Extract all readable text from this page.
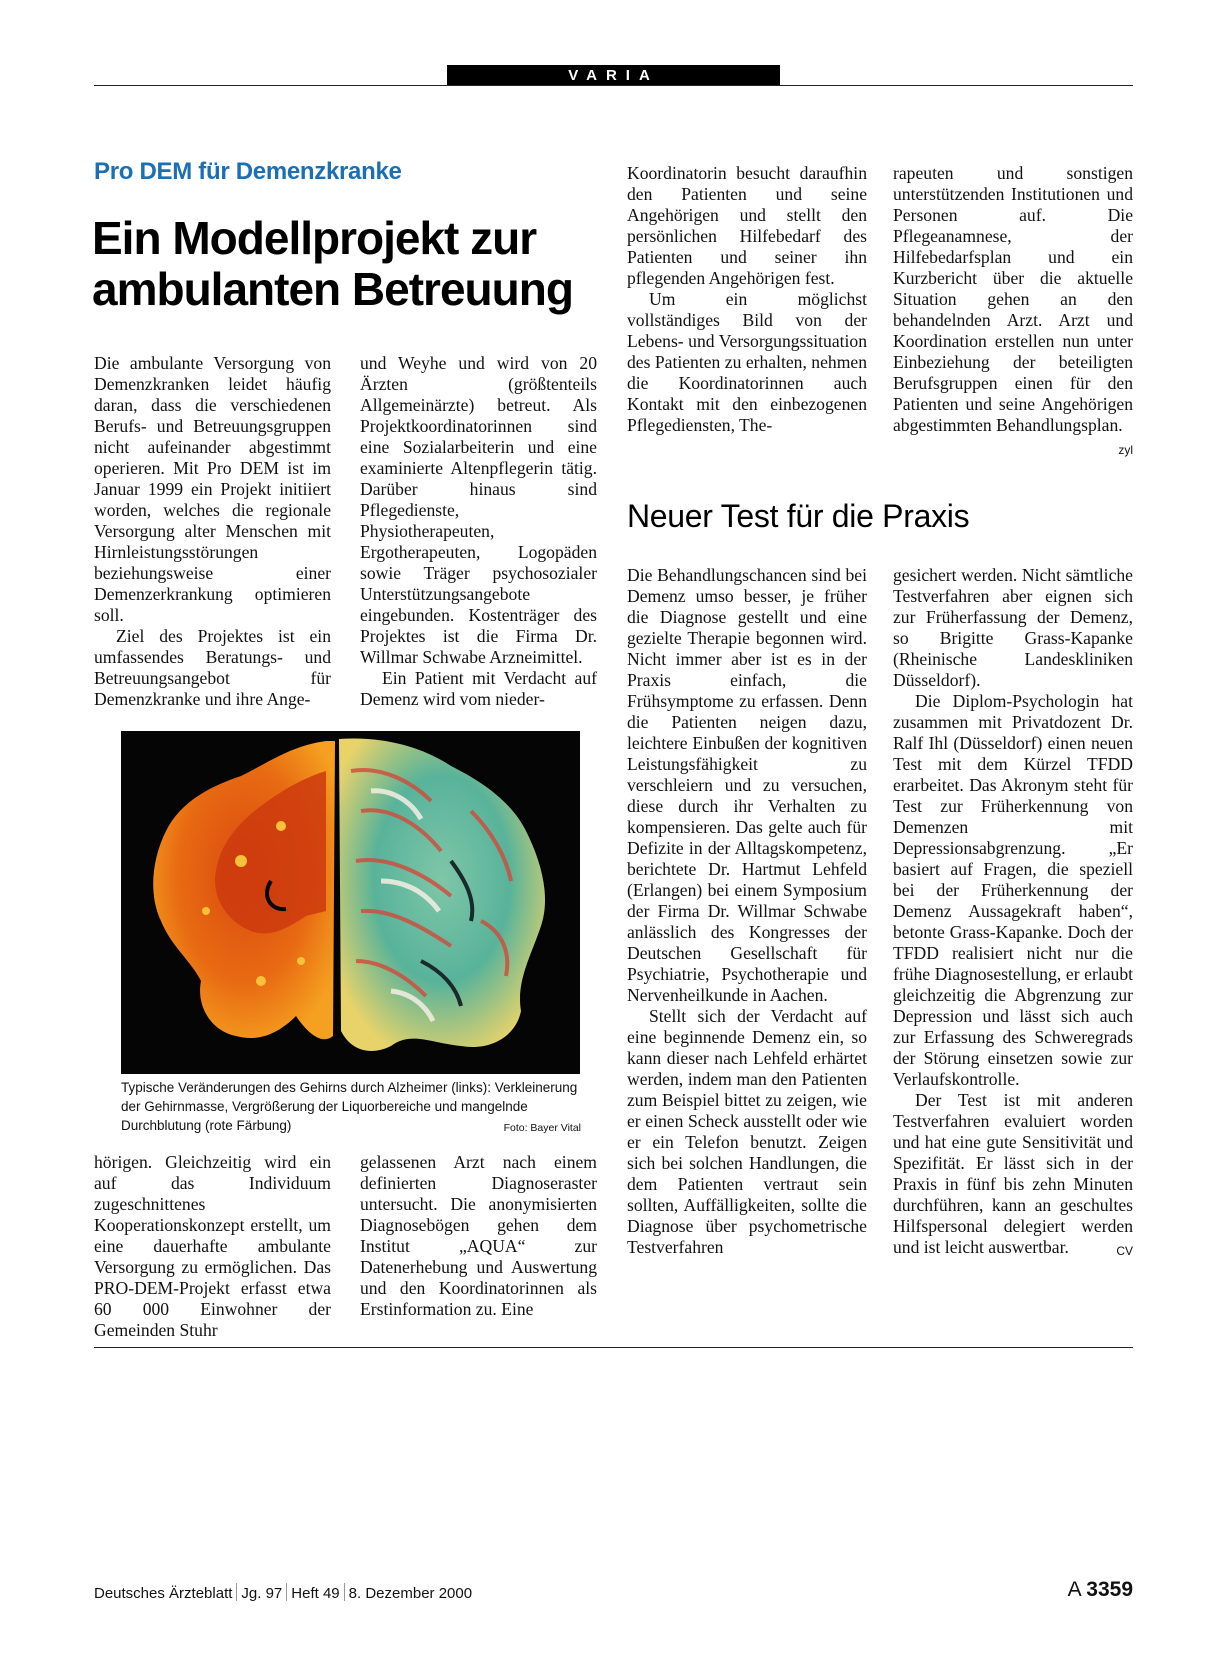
VARIA
Pro DEM für Demenzkranke
Ein Modellprojekt zur
ambulanten Betreuung

Die ambulante Versorgung von Demenzkranken leidet häufig daran, dass die verschiedenen Berufs- und Betreuungsgruppen nicht aufeinander abgestimmt operieren. Mit Pro DEM ist im Januar 1999 ein Projekt initiiert worden, welches die regionale Versorgung alter Menschen mit Hirnleistungsstörungen beziehungsweise einer Demenzerkrankung optimieren soll.

Ziel des Projektes ist ein umfassendes Beratungs- und Betreuungsangebot für Demenzkranke und ihre Ange-

und Weyhe und wird von 20 Ärzten (größtenteils Allgemeinärzte) betreut. Als Projektkoordinatorinnen sind eine Sozialarbeiterin und eine examinierte Altenpflegerin tätig. Darüber hinaus sind Pflegedienste, Physiotherapeuten, Ergotherapeuten, Logopäden sowie Träger psychosozialer Unterstützungsangebote eingebunden. Kostenträger des Projektes ist die Firma Dr. Willmar Schwabe Arzneimittel.

Ein Patient mit Verdacht auf Demenz wird vom nieder-

Typische Veränderungen des Gehirns durch Alzheimer (links): Verkleinerung der Gehirnmasse, Vergrößerung der Liquorbereiche und mangelnde Durchblutung (rote Färbung)	Foto: Bayer Vital

hörigen. Gleichzeitig wird ein auf das Individuum zugeschnittenes Kooperationskonzept erstellt, um eine dauerhafte ambulante Versorgung zu ermöglichen. Das PRO-DEM-Projekt erfasst etwa 60 000 Einwohner der Gemeinden Stuhr

gelassenen Arzt nach einem definierten Diagnoseraster untersucht. Die anonymisierten Diagnosebögen gehen dem Institut „AQUA“ zur Datenerhebung und Auswertung und den Koordinatorinnen als Erstinformation zu. Eine

Koordinatorin besucht daraufhin den Patienten und seine Angehörigen und stellt den persönlichen Hilfebedarf des Patienten und seiner ihn pflegenden Angehörigen fest.

Um ein möglichst vollständiges Bild von der Lebens- und Versorgungssituation des Patienten zu erhalten, nehmen die Koordinatorinnen auch Kontakt mit den einbezogenen Pflegediensten, The-

rapeuten und sonstigen unterstützenden Institutionen und Personen auf. Die Pflegeanamnese, der Hilfebedarfsplan und ein Kurzbericht über die aktuelle Situation gehen an den behandelnden Arzt. Arzt und Koordination erstellen nun unter Einbeziehung der beteiligten Berufsgruppen einen für den Patienten und seine Angehörigen abgestimmten Behandlungsplan.
zyl

Neuer Test für die Praxis

Die Behandlungschancen sind bei Demenz umso besser, je früher die Diagnose gestellt und eine gezielte Therapie begonnen wird. Nicht immer aber ist es in der Praxis einfach, die Frühsymptome zu erfassen. Denn die Patienten neigen dazu, leichtere Einbußen der kognitiven Leistungsfähigkeit zu verschleiern und zu versuchen, diese durch ihr Verhalten zu kompensieren. Das gelte auch für Defizite in der Alltagskompetenz, berichtete Dr. Hartmut Lehfeld (Erlangen) bei einem Symposium der Firma Dr. Willmar Schwabe anlässlich des Kongresses der Deutschen Gesellschaft für Psychiatrie, Psychotherapie und Nervenheilkunde in Aachen.

Stellt sich der Verdacht auf eine beginnende Demenz ein, so kann dieser nach Lehfeld erhärtet werden, indem man den Patienten zum Beispiel bittet zu zeigen, wie er einen Scheck ausstellt oder wie er ein Telefon benutzt. Zeigen sich bei solchen Handlungen, die dem Patienten vertraut sein sollten, Auffälligkeiten, sollte die Diagnose über psychometrische Testverfahren

gesichert werden. Nicht sämtliche Testverfahren aber eignen sich zur Früherfassung der Demenz, so Brigitte Grass-Kapanke (Rheinische Landeskliniken Düsseldorf).

Die Diplom-Psychologin hat zusammen mit Privatdozent Dr. Ralf Ihl (Düsseldorf) einen neuen Test mit dem Kürzel TFDD erarbeitet. Das Akronym steht für Test zur Früherkennung von Demenzen mit Depressionsabgrenzung. „Er basiert auf Fragen, die speziell bei der Früherkennung der Demenz Aussagekraft haben“, betonte Grass-Kapanke. Doch der TFDD realisiert nicht nur die frühe Diagnosestellung, er erlaubt gleichzeitig die Abgrenzung zur Depression und lässt sich auch zur Erfassung des Schweregrads der Störung einsetzen sowie zur Verlaufskontrolle.

Der Test ist mit anderen Testverfahren evaluiert worden und hat eine gute Sensitivität und Spezifität. Er lässt sich in der Praxis in fünf bis zehn Minuten durchführen, kann an geschultes Hilfspersonal delegiert werden und ist leicht auswertbar.	CV

Deutsches Ärzteblatt Jg. 97 Heft 49 8. Dezember 2000	A 3359
